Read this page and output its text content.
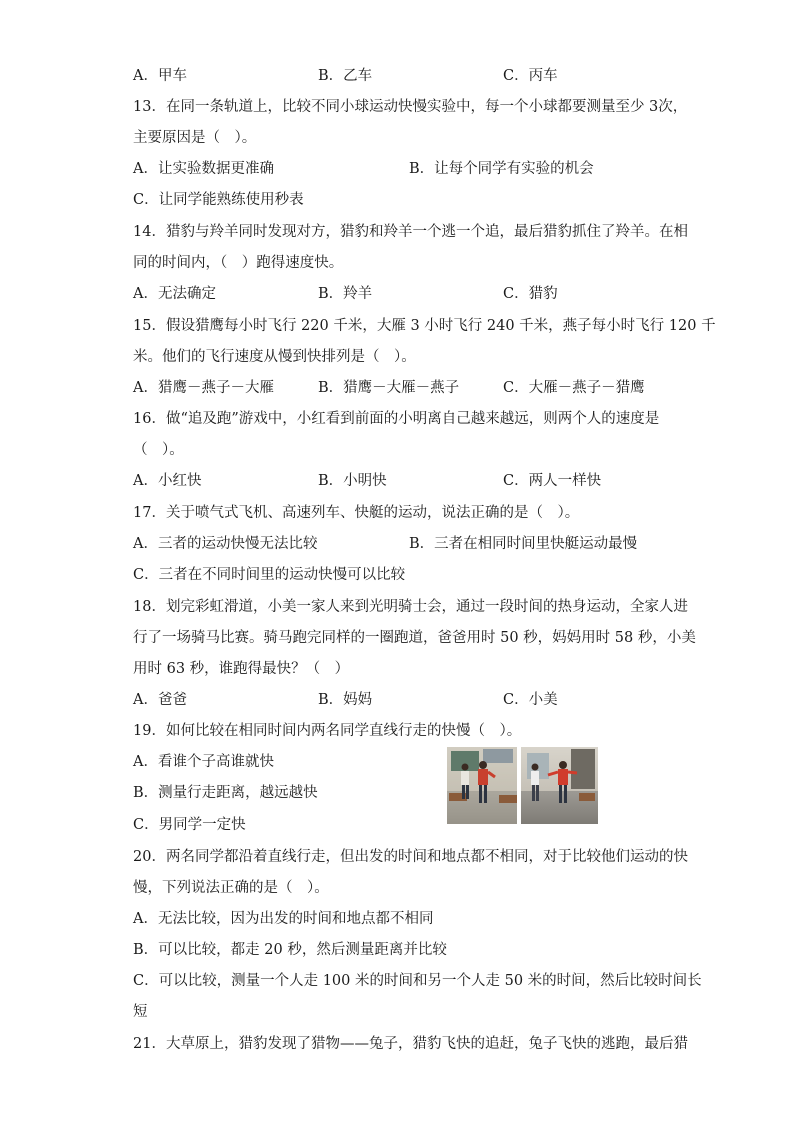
A．甲车	B．乙车	C．丙车
13．在同一条轨道上，比较不同小球运动快慢实验中，每一个小球都要测量至少 3次，
主要原因是（　）。
A．让实验数据更准确	B．让每个同学有实验的机会
C．让同学能熟练使用秒表
14．猎豹与羚羊同时发现对方，猎豹和羚羊一个逃一个追，最后猎豹抓住了羚羊。在相
同的时间内，（　）跑得速度快。
A．无法确定	B．羚羊	C．猎豹
15．假设猎鹰每小时飞行 220 千米，大雁 3 小时飞行 240 千米，燕子每小时飞行 120 千
米。他们的飞行速度从慢到快排列是（　）。
A．猎鹰－燕子－大雁	B．猎鹰－大雁－燕子	C．大雁－燕子－猎鹰
16．做“追及跑”游戏中，小红看到前面的小明离自己越来越远，则两个人的速度是
（　）。
A．小红快	B．小明快	C．两人一样快
17．关于喷气式飞机、高速列车、快艇的运动，说法正确的是（　）。
A．三者的运动快慢无法比较	B．三者在相同时间里快艇运动最慢
C．三者在不同时间里的运动快慢可以比较
18．划完彩虹滑道，小美一家人来到光明骑士会，通过一段时间的热身运动，全家人进
行了一场骑马比赛。骑马跑完同样的一圈跑道，爸爸用时 50 秒，妈妈用时 58 秒，小美
用时 63 秒，谁跑得最快？（　）
A．爸爸	B．妈妈	C．小美
19．如何比较在相同时间内两名同学直线行走的快慢（　）。
A．看谁个子高谁就快
B．测量行走距离，越远越快
C．男同学一定快
20．两名同学都沿着直线行走，但出发的时间和地点都不相同，对于比较他们运动的快
慢，下列说法正确的是（　）。
A．无法比较，因为出发的时间和地点都不相同
B．可以比较，都走 20 秒，然后测量距离并比较
C．可以比较，测量一个人走 100 米的时间和另一个人走 50 米的时间，然后比较时间长
短
21．大草原上，猎豹发现了猎物——兔子，猎豹飞快的追赶，兔子飞快的逃跑，最后猎
